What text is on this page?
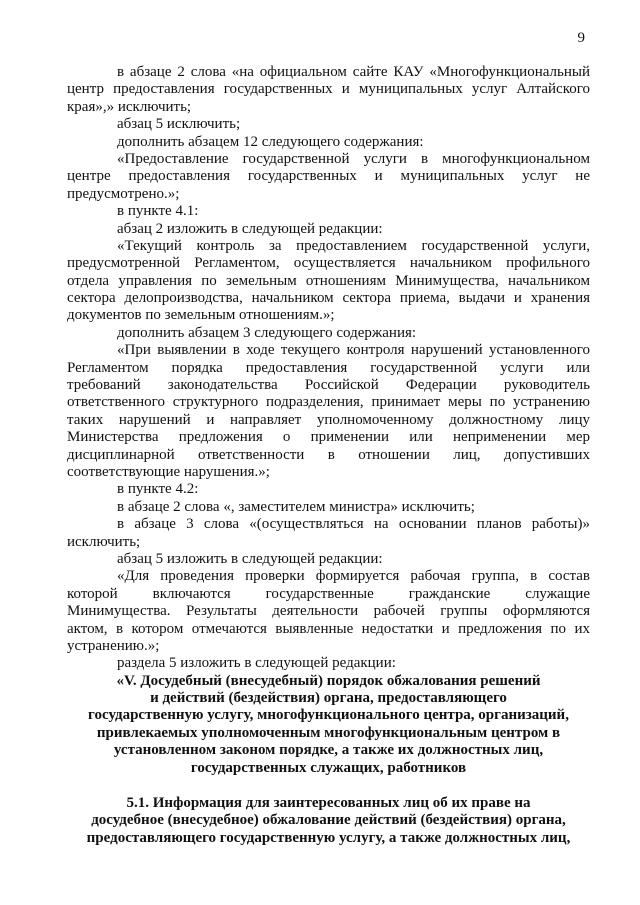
9
в абзаце 2 слова «на официальном сайте КАУ «Многофункциональный
центр предоставления государственных и муниципальных услуг Алтайского
края»,» исключить;
абзац 5 исключить;
дополнить абзацем 12 следующего содержания:
«Предоставление государственной услуги в многофункциональном
центре предоставления государственных и муниципальных услуг не
предусмотрено.»;
в пункте 4.1:
абзац 2 изложить в следующей редакции:
«Текущий контроль за предоставлением государственной услуги,
предусмотренной Регламентом, осуществляется начальником профильного
отдела управления по земельным отношениям Минимущества, начальником
сектора делопроизводства, начальником сектора приема, выдачи и хранения
документов по земельным отношениям.»;
дополнить абзацем 3 следующего содержания:
«При выявлении в ходе текущего контроля нарушений установленного
Регламентом порядка предоставления государственной услуги или
требований законодательства Российской Федерации руководитель
ответственного структурного подразделения, принимает меры по устранению
таких нарушений и направляет уполномоченному должностному лицу
Министерства предложения о применении или неприменении мер
дисциплинарной ответственности в отношении лиц, допустивших
соответствующие нарушения.»;
в пункте 4.2:
в абзаце 2 слова «, заместителем министра» исключить;
в абзаце 3 слова «(осуществляться на основании планов работы)»
исключить;
абзац 5 изложить в следующей редакции:
«Для проведения проверки формируется рабочая группа, в состав
которой включаются государственные гражданские служащие
Минимущества. Результаты деятельности рабочей группы оформляются
актом, в котором отмечаются выявленные недостатки и предложения по их
устранению.»;
раздела 5 изложить в следующей редакции:
«V. Досудебный (внесудебный) порядок обжалования решений
и действий (бездействия) органа, предоставляющего
государственную услугу, многофункционального центра, организаций,
привлекаемых уполномоченным многофункциональным центром в
установленном законом порядке, а также их должностных лиц,
государственных служащих, работников
5.1. Информация для заинтересованных лиц об их праве на
досудебное (внесудебное) обжалование действий (бездействия) органа,
предоставляющего государственную услугу, а также должностных лиц,
